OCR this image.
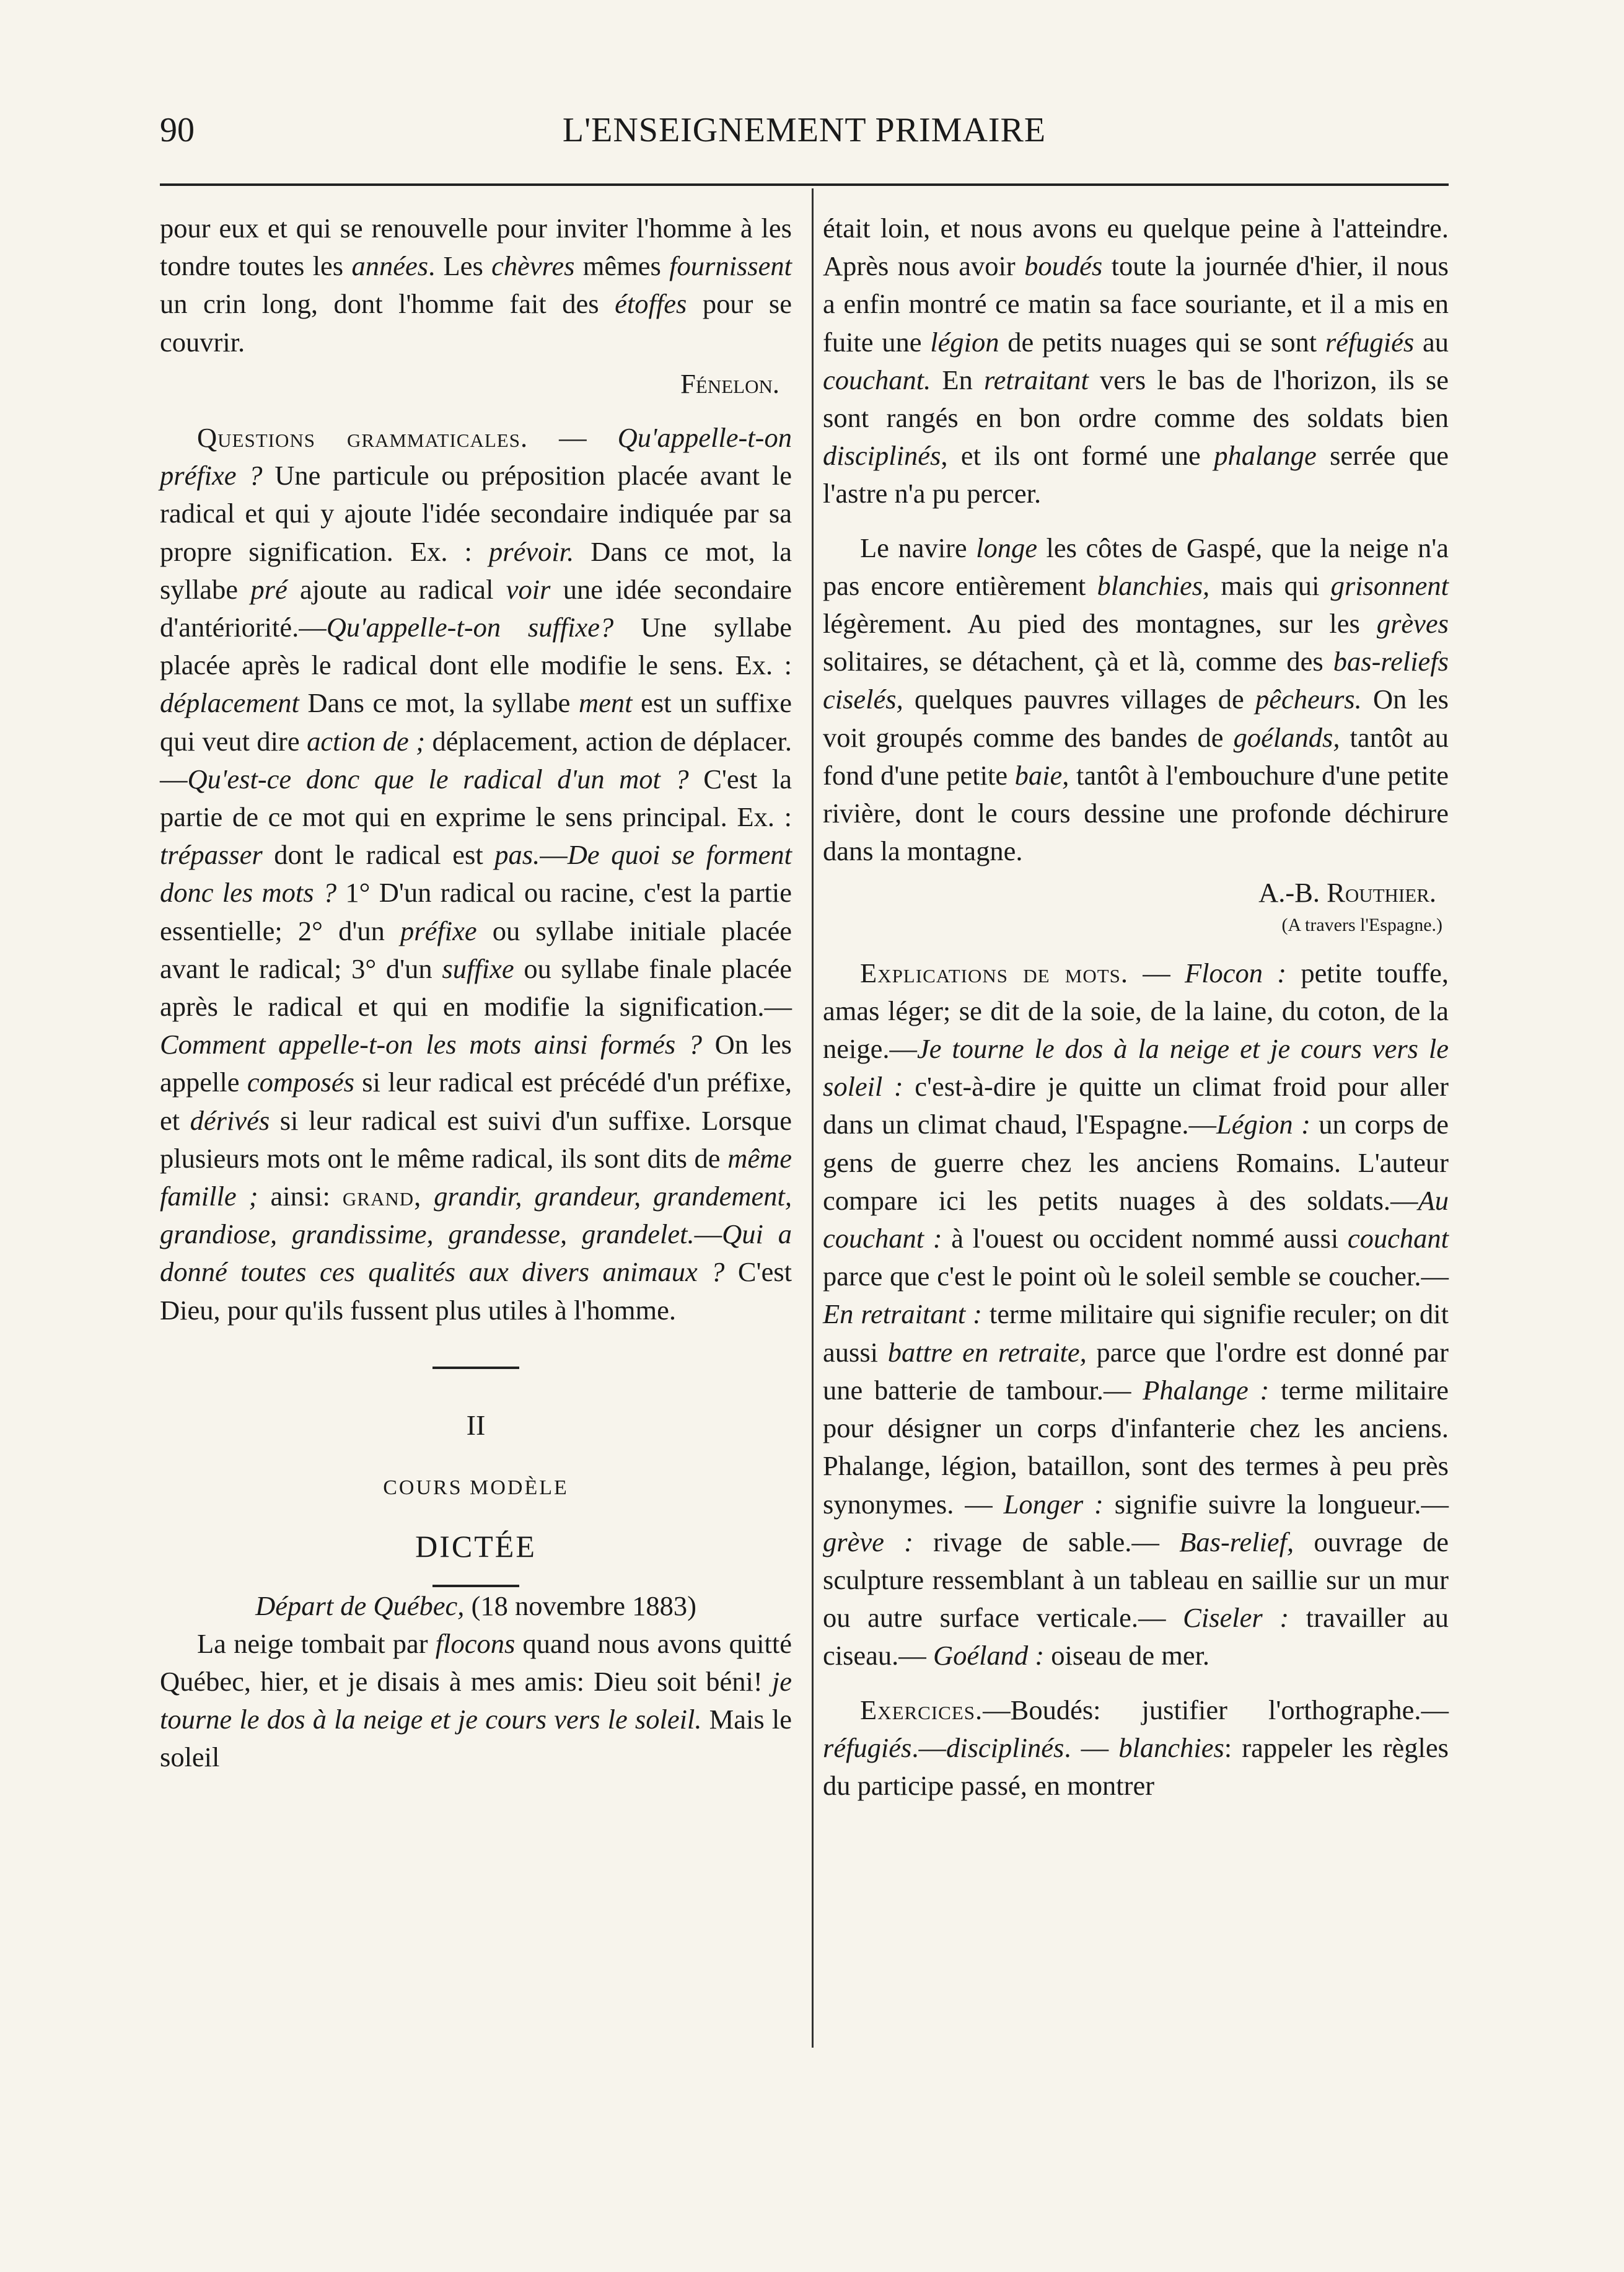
90	L'ENSEIGNEMENT PRIMAIRE

pour eux et qui se renouvelle pour inviter l'homme à les tondre toutes les années. Les chèvres mêmes fournissent un crin long, dont l'homme fait des étoffes pour se couvrir.

Fénelon.

Questions grammaticales. — Qu'appelle-t-on préfixe ? Une particule ou préposition placée avant le radical et qui y ajoute l'idée secondaire indiquée par sa propre signification. Ex. : prévoir. Dans ce mot, la syllabe pré ajoute au radical voir une idée secondaire d'antériorité.—Qu'appelle-t-on suffixe? Une syllabe placée après le radical dont elle modifie le sens. Ex. : déplacement Dans ce mot, la syllabe ment est un suffixe qui veut dire action de ; déplacement, action de déplacer.—Qu'est-ce donc que le radical d'un mot ? C'est la partie de ce mot qui en exprime le sens principal. Ex. : trépasser dont le radical est pas.—De quoi se forment donc les mots ? 1° D'un radical ou racine, c'est la partie essentielle; 2° d'un préfixe ou syllabe initiale placée avant le radical; 3° d'un suffixe ou syllabe finale placée après le radical et qui en modifie la signification.—Comment appelle-t-on les mots ainsi formés ? On les appelle composés si leur radical est précédé d'un préfixe, et dérivés si leur radical est suivi d'un suffixe. Lorsque plusieurs mots ont le même radical, ils sont dits de même famille ; ainsi: grand, grandir, grandeur, grandement, grandiose, grandissime, grandesse, grandelet.—Qui a donné toutes ces qualités aux divers animaux ? C'est Dieu, pour qu'ils fussent plus utiles à l'homme.

II
COURS MODÈLE
DICTÉE

Départ de Québec, (18 novembre 1883)

La neige tombait par flocons quand nous avons quitté Québec, hier, et je disais à mes amis: Dieu soit béni! je tourne le dos à la neige et je cours vers le soleil. Mais le soleil

était loin, et nous avons eu quelque peine à l'atteindre. Après nous avoir boudés toute la journée d'hier, il nous a enfin montré ce matin sa face souriante, et il a mis en fuite une légion de petits nuages qui se sont réfugiés au couchant. En retraitant vers le bas de l'horizon, ils se sont rangés en bon ordre comme des soldats bien disciplinés, et ils ont formé une phalange serrée que l'astre n'a pu percer.

Le navire longe les côtes de Gaspé, que la neige n'a pas encore entièrement blanchies, mais qui grisonnent légèrement. Au pied des montagnes, sur les grèves solitaires, se détachent, çà et là, comme des bas-reliefs ciselés, quelques pauvres villages de pêcheurs. On les voit groupés comme des bandes de goélands, tantôt au fond d'une petite baie, tantôt à l'embouchure d'une petite rivière, dont le cours dessine une profonde déchirure dans la montagne.

A.-B. Routhier.
(A travers l'Espagne.)

Explications de mots. — Flocon : petite touffe, amas léger; se dit de la soie, de la laine, du coton, de la neige.—Je tourne le dos à la neige et je cours vers le soleil : c'est-à-dire je quitte un climat froid pour aller dans un climat chaud, l'Espagne.—Légion : un corps de gens de guerre chez les anciens Romains. L'auteur compare ici les petits nuages à des soldats.—Au couchant : à l'ouest ou occident nommé aussi couchant parce que c'est le point où le soleil semble se coucher.—En retraitant : terme militaire qui signifie reculer; on dit aussi battre en retraite, parce que l'ordre est donné par une batterie de tambour.— Phalange : terme militaire pour désigner un corps d'infanterie chez les anciens. Phalange, légion, bataillon, sont des termes à peu près synonymes. — Longer : signifie suivre la longueur.— grève : rivage de sable.— Bas-relief, ouvrage de sculpture ressemblant à un tableau en saillie sur un mur ou autre surface verticale.— Ciseler : travailler au ciseau.— Goéland : oiseau de mer.

Exercices.—Boudés: justifier l'orthographe.—réfugiés.—disciplinés. — blanchies: rappeler les règles du participe passé, en montrer
